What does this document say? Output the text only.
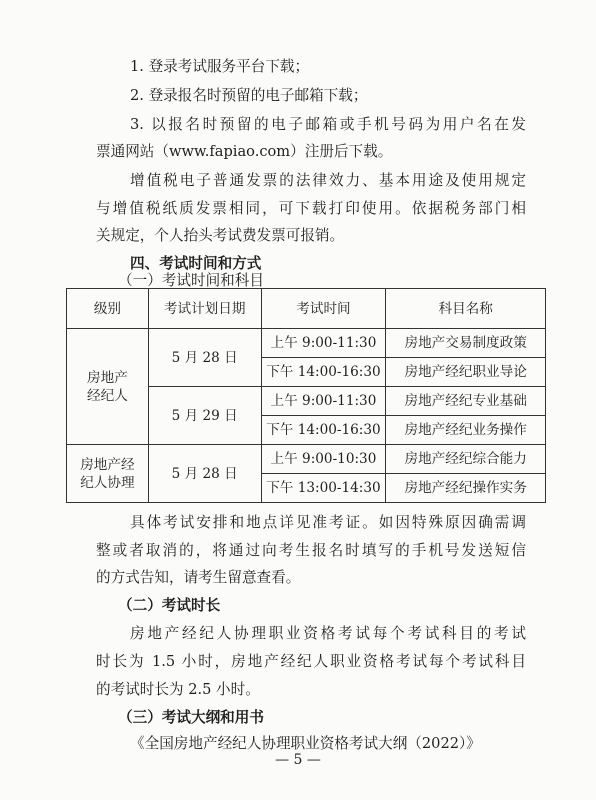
1. 登录考试服务平台下载；
2. 登录报名时预留的电子邮箱下载；
3. 以报名时预留的电子邮箱或手机号码为用户名在发
票通网站（www.fapiao.com）注册后下载。
增值税电子普通发票的法律效力、基本用途及使用规定
与增值税纸质发票相同，可下载打印使用。依据税务部门相
关规定，个人抬头考试费发票可报销。
四、考试时间和方式
（一）考试时间和科目
级别	考试计划日期	考试时间	科目名称

房地产
经纪人	5 月 28 日	上午 9:00-11:30	房地产交易制度政策
		下午 14:00-16:30	房地产经纪职业导论
	5 月 29 日	上午 9:00-11:30	房地产经纪专业基础
		下午 14:00-16:30	房地产经纪业务操作

房地产经
纪人协理	5 月 28 日	上午 9:00-10:30	房地产经纪综合能力
		下午 13:00-14:30	房地产经纪操作实务
具体考试安排和地点详见准考证。如因特殊原因确需调
整或者取消的，将通过向考生报名时填写的手机号发送短信
的方式告知，请考生留意查看。
（二）考试时长
房地产经纪人协理职业资格考试每个考试科目的考试
时长为 1.5 小时，房地产经纪人职业资格考试每个考试科目
的考试时长为 2.5 小时。
（三）考试大纲和用书
《全国房地产经纪人协理职业资格考试大纲（2022）》
— 5 —
